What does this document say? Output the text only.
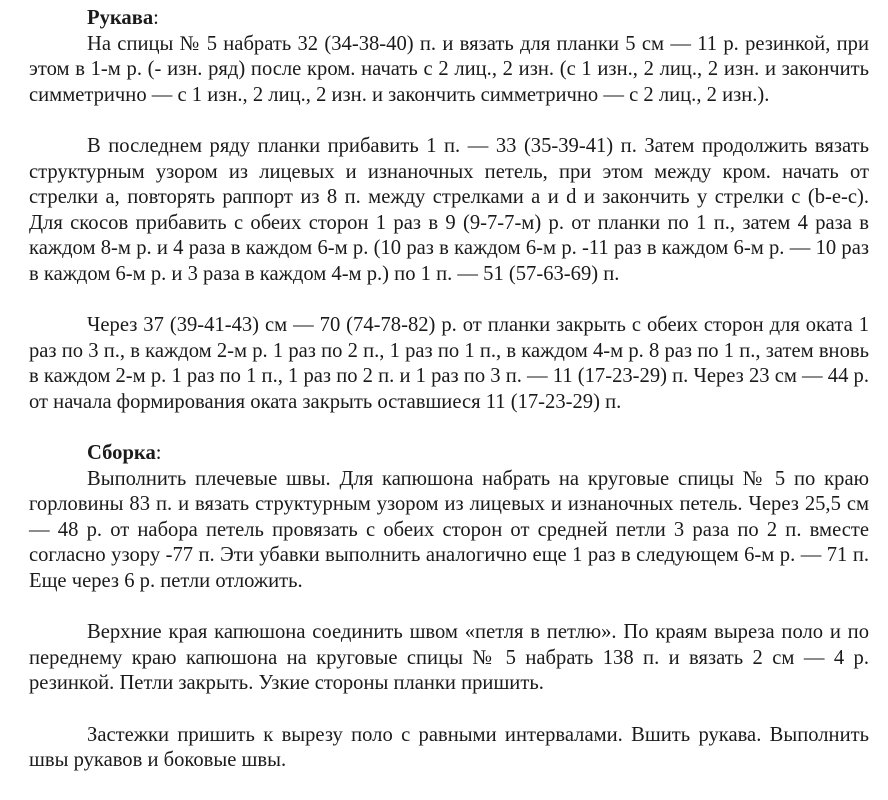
Рукава:

На спицы № 5 набрать 32 (34-38-40) п. и вязать для планки 5 см — 11 р. резинкой, при этом в 1-м р. (- изн. ряд) после кром. начать с 2 лиц., 2 изн. (с 1 изн., 2 лиц., 2 изн. и закончить симметрично — с 1 изн., 2 лиц., 2 изн. и закончить симметрично — с 2 лиц., 2 изн.).

В последнем ряду планки прибавить 1 п. — 33 (35-39-41) п. Затем продолжить вязать структурным узором из лицевых и изнаночных петель, при этом между кром. начать от стрелки а, повторять раппорт из 8 п. между стрелками а и d и закончить у стрелки с (b-e-c). Для скосов прибавить с обеих сторон 1 раз в 9 (9-7-7-м) р. от планки по 1 п., затем 4 раза в каждом 8-м р. и 4 раза в каждом 6-м р. (10 раз в каждом 6-м р. -11 раз в каждом 6-м р. — 10 раз в каждом 6-м р. и 3 раза в каждом 4-м р.) по 1 п. — 51 (57-63-69) п.

Через 37 (39-41-43) см — 70 (74-78-82) р. от планки закрыть с обеих сторон для оката 1 раз по 3 п., в каждом 2-м р. 1 раз по 2 п., 1 раз по 1 п., в каждом 4-м р. 8 раз по 1 п., затем вновь в каждом 2-м р. 1 раз по 1 п., 1 раз по 2 п. и 1 раз по 3 п. — 11 (17-23-29) п. Через 23 см — 44 р. от начала формирования оката закрыть оставшиеся 11 (17-23-29) п.

Сборка:

Выполнить плечевые швы. Для капюшона набрать на круговые спицы № 5 по краю горловины 83 п. и вязать структурным узором из лицевых и изнаночных петель. Через 25,5 см — 48 р. от набора петель провязать с обеих сторон от средней петли 3 раза по 2 п. вместе согласно узору -77 п. Эти убавки выполнить аналогично еще 1 раз в следующем 6-м р. — 71 п. Еще через 6 р. петли отложить.

Верхние края капюшона соединить швом «петля в петлю». По краям выреза поло и по переднему краю капюшона на круговые спицы № 5 набрать 138 п. и вязать 2 см — 4 р. резинкой. Петли закрыть. Узкие стороны планки пришить.

Застежки пришить к вырезу поло с равными интервалами. Вшить рукава. Выполнить швы рукавов и боковые швы.
